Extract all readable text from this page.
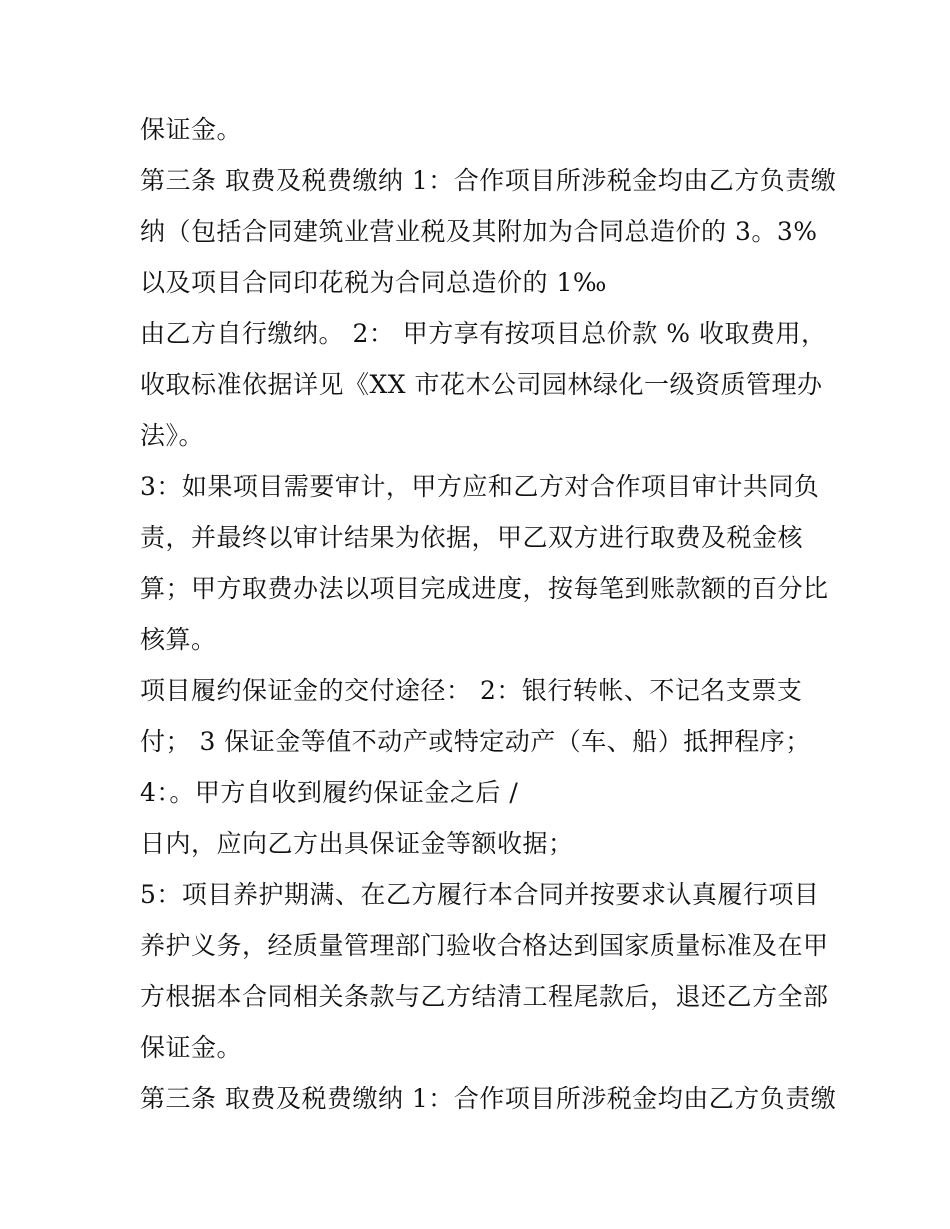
保证金。
第三条 取费及税费缴纳 1：合作项目所涉税金均由乙方负责缴
纳（包括合同建筑业营业税及其附加为合同总造价的 3。3%
以及项目合同印花税为合同总造价的 1‰
由乙方自行缴纳。 2： 甲方享有按项目总价款 % 收取费用，
收取标准依据详见《XX 市花木公司园林绿化一级资质管理办
法》。
3：如果项目需要审计，甲方应和乙方对合作项目审计共同负
责，并最终以审计结果为依据，甲乙双方进行取费及税金核
算；甲方取费办法以项目完成进度，按每笔到账款额的百分比
核算。
项目履约保证金的交付途径： 2：银行转帐、不记名支票支
付； 3 保证金等值不动产或特定动产（车、船）抵押程序；
4：。甲方自收到履约保证金之后 /
日内，应向乙方出具保证金等额收据；
5：项目养护期满、在乙方履行本合同并按要求认真履行项目
养护义务，经质量管理部门验收合格达到国家质量标准及在甲
方根据本合同相关条款与乙方结清工程尾款后，退还乙方全部
保证金。
第三条 取费及税费缴纳 1：合作项目所涉税金均由乙方负责缴
